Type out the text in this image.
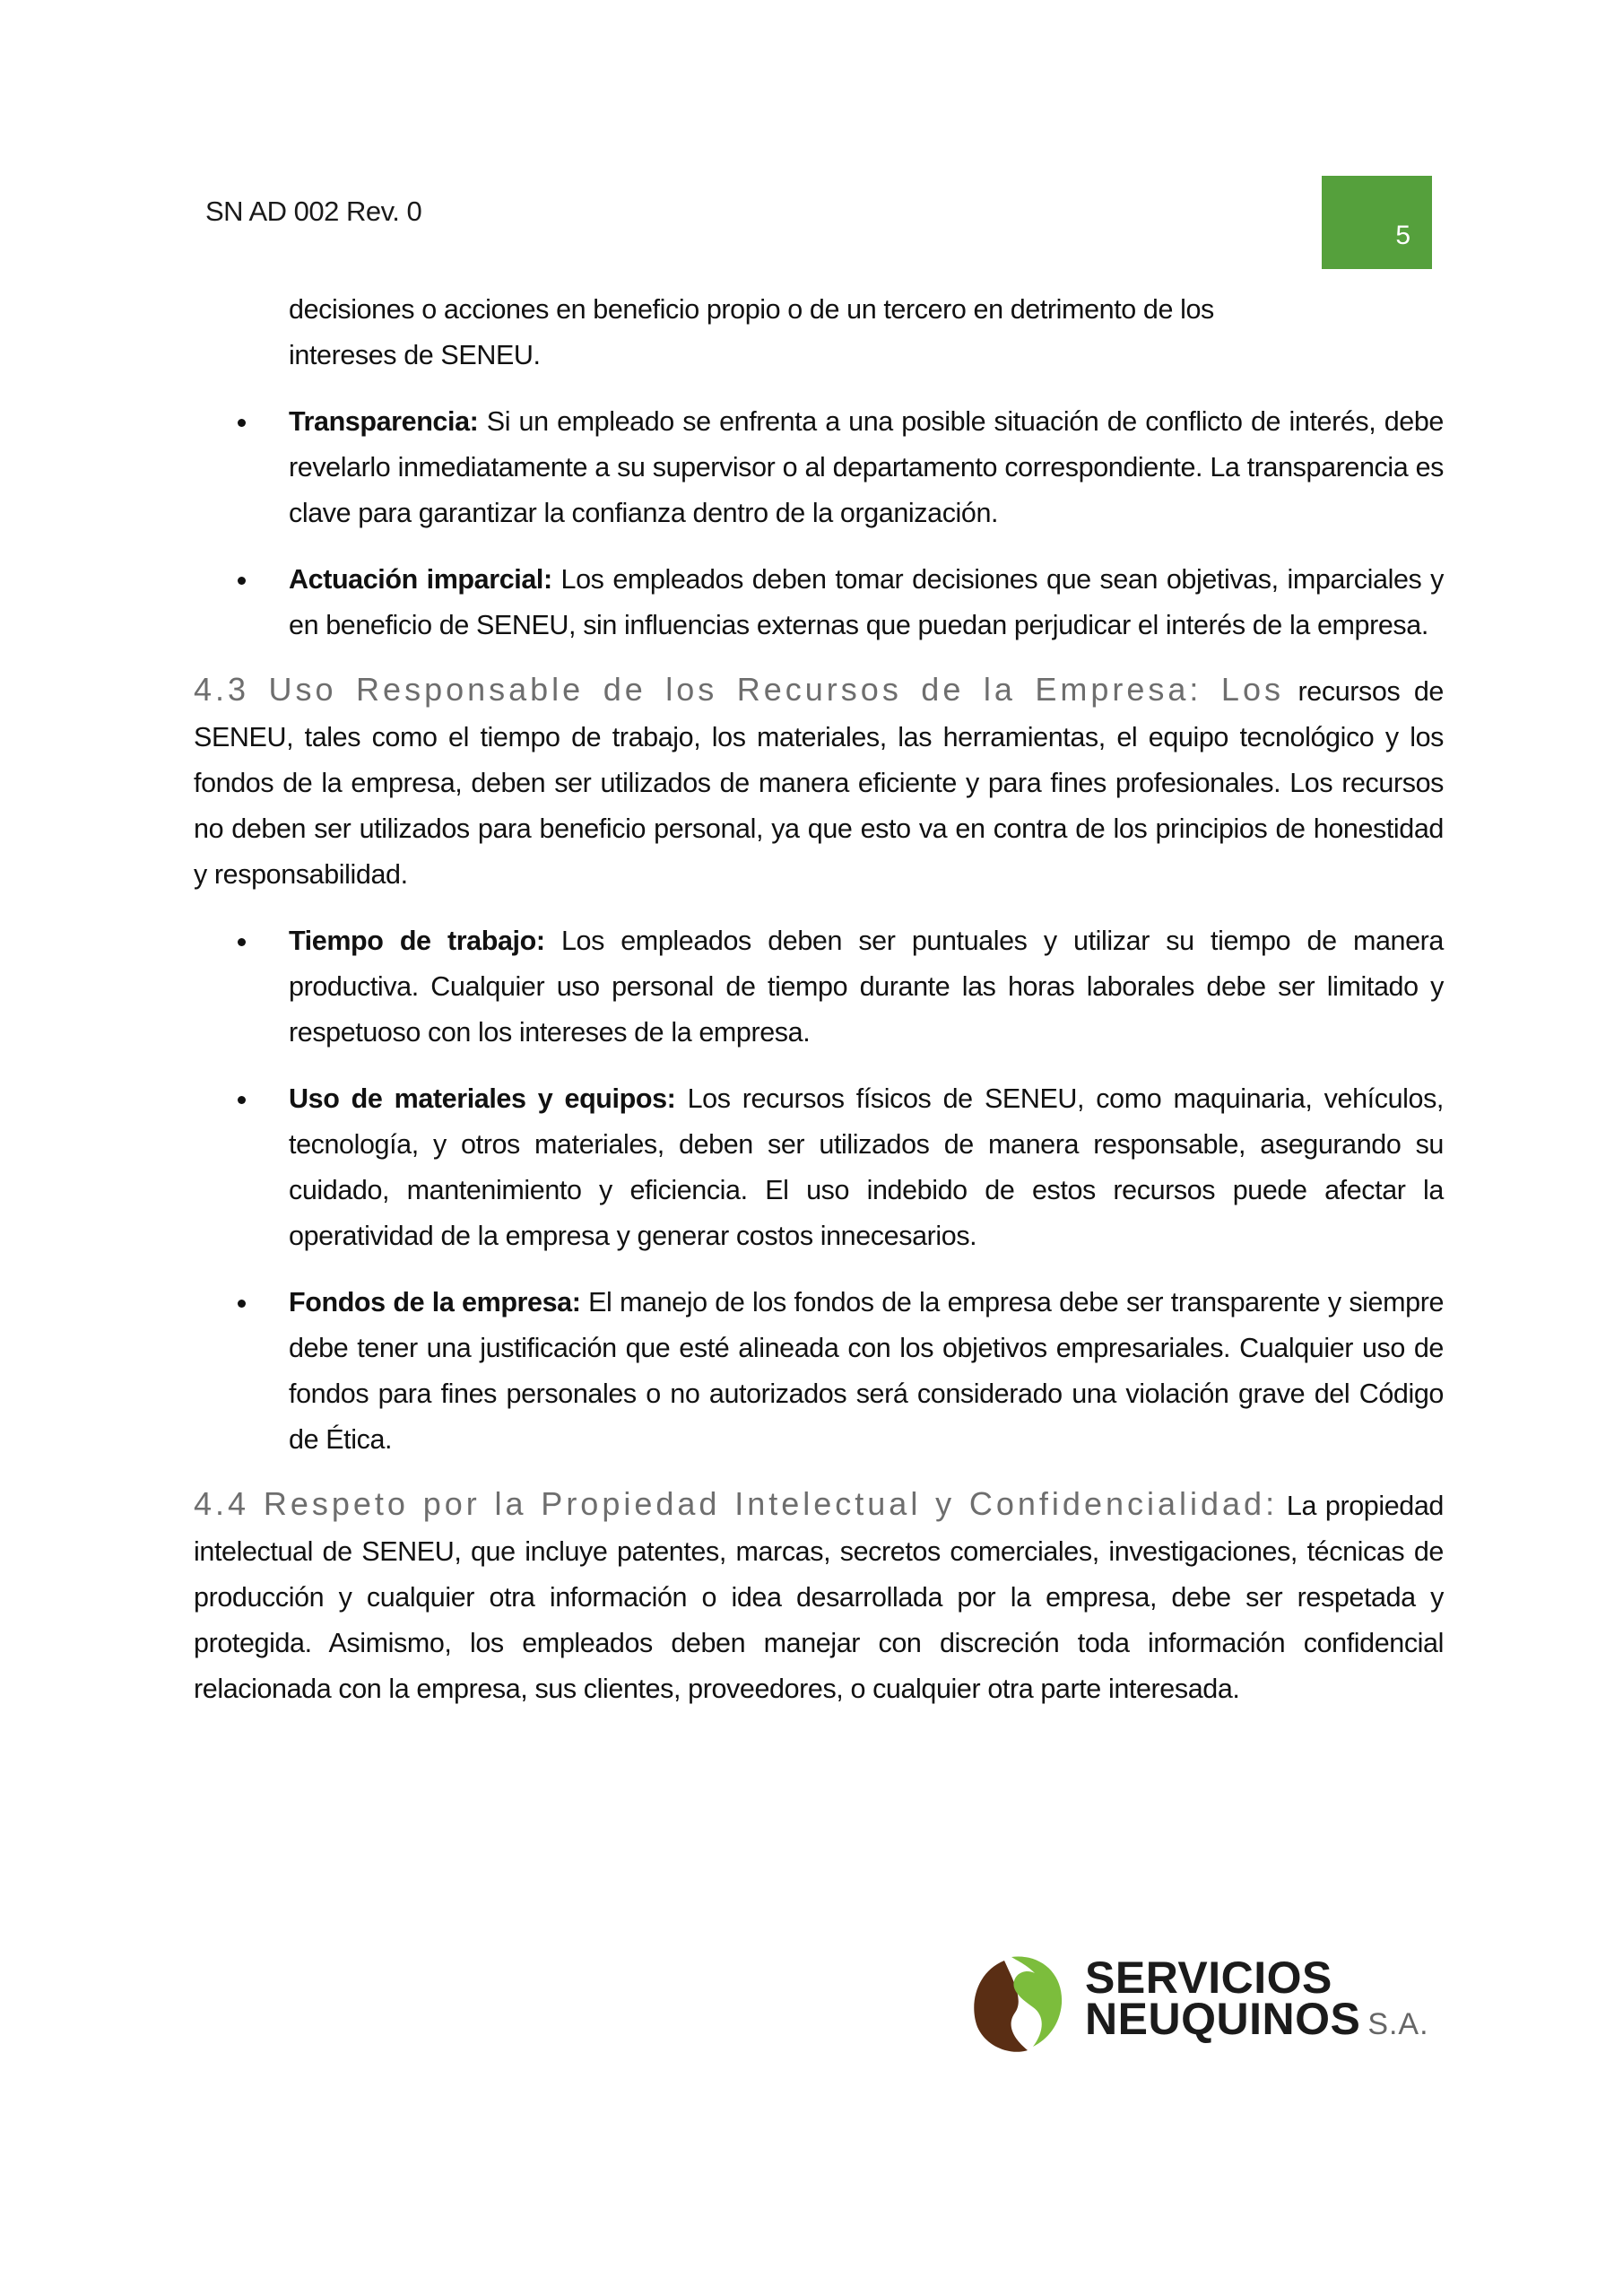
SN AD 002 Rev. 0
5

decisiones o acciones en beneficio propio o de un tercero en detrimento de los intereses de SENEU.

Transparencia: Si un empleado se enfrenta a una posible situación de conflicto de interés, debe revelarlo inmediatamente a su supervisor o al departamento correspondiente. La transparencia es clave para garantizar la confianza dentro de la organización.
Actuación imparcial: Los empleados deben tomar decisiones que sean objetivas, imparciales y en beneficio de SENEU, sin influencias externas que puedan perjudicar el interés de la empresa.

4.3 Uso Responsable de los Recursos de la Empresa: Los recursos de SENEU, tales como el tiempo de trabajo, los materiales, las herramientas, el equipo tecnológico y los fondos de la empresa, deben ser utilizados de manera eficiente y para fines profesionales. Los recursos no deben ser utilizados para beneficio personal, ya que esto va en contra de los principios de honestidad y responsabilidad.

Tiempo de trabajo: Los empleados deben ser puntuales y utilizar su tiempo de manera productiva. Cualquier uso personal de tiempo durante las horas laborales debe ser limitado y respetuoso con los intereses de la empresa.
Uso de materiales y equipos: Los recursos físicos de SENEU, como maquinaria, vehículos, tecnología, y otros materiales, deben ser utilizados de manera responsable, asegurando su cuidado, mantenimiento y eficiencia. El uso indebido de estos recursos puede afectar la operatividad de la empresa y generar costos innecesarios.
Fondos de la empresa: El manejo de los fondos de la empresa debe ser transparente y siempre debe tener una justificación que esté alineada con los objetivos empresariales. Cualquier uso de fondos para fines personales o no autorizados será considerado una violación grave del Código de Ética.

4.4 Respeto por la Propiedad Intelectual y Confidencialidad: La propiedad intelectual de SENEU, que incluye patentes, marcas, secretos comerciales, investigaciones, técnicas de producción y cualquier otra información o idea desarrollada por la empresa, debe ser respetada y protegida. Asimismo, los empleados deben manejar con discreción toda información confidencial relacionada con la empresa, sus clientes, proveedores, o cualquier otra parte interesada.

SERVICIOS
NEUQUINOS S.A.
